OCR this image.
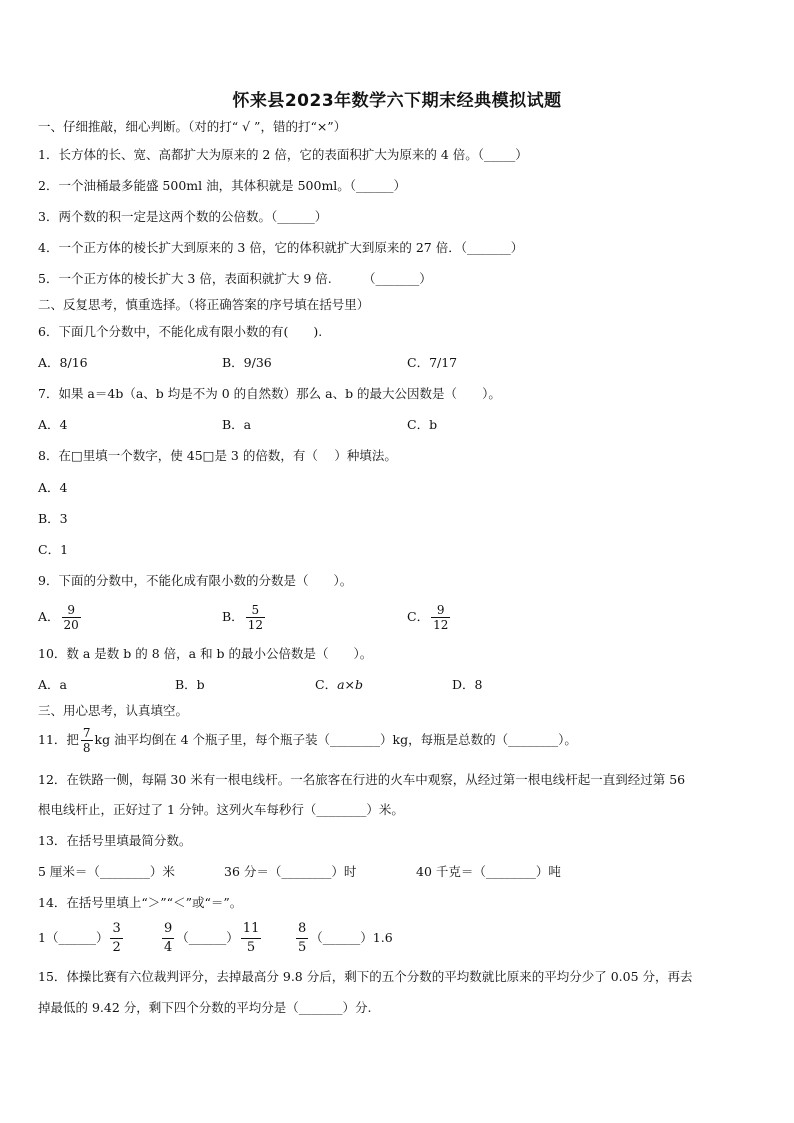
怀来县2023年数学六下期末经典模拟试题
一、仔细推敲，细心判断。（对的打“ √ ”，错的打“×”）
1．长方体的长、宽、高都扩大为原来的 2 倍，它的表面积扩大为原来的 4 倍。（_____）
2．一个油桶最多能盛 500ml 油，其体积就是 500ml。（______）
3．两个数的积一定是这两个数的公倍数。（______）
4．一个正方体的棱长扩大到原来的 3 倍，它的体积就扩大到原来的 27 倍．（_______）
5．一个正方体的棱长扩大 3 倍，表面积就扩大 9 倍.　　　（_______）
二、反复思考，慎重选择。（将正确答案的序号填在括号里）
6．下面几个分数中，不能化成有限小数的有(　　).
A．8/16	B．9/36	C．7/17
7．如果 a＝4b（a、b 均是不为 0 的自然数）那么 a、b 的最大公因数是（　　）。
A．4	B．a	C．b
8．在□里填一个数字，使 45□是 3 的倍数，有（　 ）种填法。
A．4
B．3
C．1
9．下面的分数中，不能化成有限小数的分数是（　　）。
A． $\frac{9}{20}$	B． $\frac{5}{12}$	C． $\frac{9}{12}$
10．数 a 是数 b 的 8 倍，a 和 b 的最小公倍数是（　　）。
A．a	B．b	C．a×b	D．8
三、用心思考，认真填空。
11．把 $\frac{7}{8}$ kg 油平均倒在 4 个瓶子里，每个瓶子装（________）kg，每瓶是总数的（________）。
12．在铁路一侧，每隔 30 米有一根电线杆。一名旅客在行进的火车中观察，从经过第一根电线杆起一直到经过第 56
根电线杆止，正好过了 1 分钟。这列火车每秒行（________）米。
13．在括号里填最简分数。
5 厘米＝（________）米	36 分＝（________）时	40 千克＝（________）吨
14．在括号里填上“＞”“＜”或“＝”。
1（______） $\frac{3}{2}$	$\frac{9}{4}$ （______） $\frac{11}{5}$	$\frac{8}{5}$ （______）1.6
15．体操比赛有六位裁判评分，去掉最高分 9.8 分后，剩下的五个分数的平均数就比原来的平均分少了 0.05 分，再去
掉最低的 9.42 分，剩下四个分数的平均分是（_______）分.
